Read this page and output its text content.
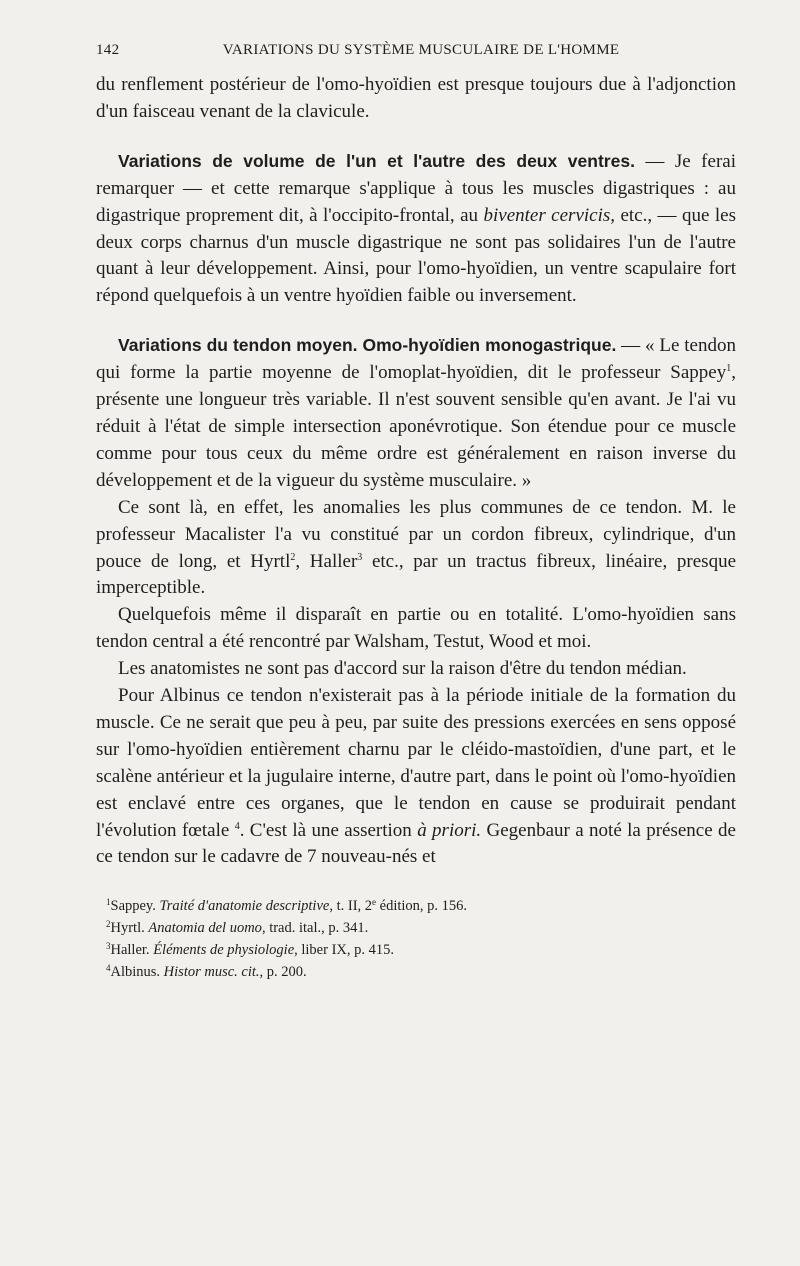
142	VARIATIONS DU SYSTÈME MUSCULAIRE DE L'HOMME

du renflement postérieur de l'omo-hyoïdien est presque toujours due à l'adjonction d'un faisceau venant de la clavicule.

Variations de volume de l'un et l'autre des deux ventres. — Je ferai remarquer — et cette remarque s'applique à tous les muscles digastriques : au digastrique proprement dit, à l'occipito-frontal, au biventer cervicis, etc., — que les deux corps charnus d'un muscle digastrique ne sont pas solidaires l'un de l'autre quant à leur développement. Ainsi, pour l'omo-hyoïdien, un ventre scapulaire fort répond quelquefois à un ventre hyoïdien faible ou inversement.

Variations du tendon moyen. Omo-hyoïdien monogastrique. — « Le tendon qui forme la partie moyenne de l'omoplat-hyoïdien, dit le professeur Sappey$^1$, présente une longueur très variable. Il n'est souvent sensible qu'en avant. Je l'ai vu réduit à l'état de simple intersection aponévrotique. Son étendue pour ce muscle comme pour tous ceux du même ordre est généralement en raison inverse du développement et de la vigueur du système musculaire. »

Ce sont là, en effet, les anomalies les plus communes de ce tendon. M. le professeur Macalister l'a vu constitué par un cordon fibreux, cylindrique, d'un pouce de long, et Hyrtl$^2$, Haller$^3$ etc., par un tractus fibreux, linéaire, presque imperceptible.

Quelquefois même il disparaît en partie ou en totalité. L'omo-hyoïdien sans tendon central a été rencontré par Walsham, Testut, Wood et moi.

Les anatomistes ne sont pas d'accord sur la raison d'être du tendon médian.

Pour Albinus ce tendon n'existerait pas à la période initiale de la formation du muscle. Ce ne serait que peu à peu, par suite des pressions exercées en sens opposé sur l'omo-hyoïdien entièrement charnu par le cléido-mastoïdien, d'une part, et le scalène antérieur et la jugulaire interne, d'autre part, dans le point où l'omo-hyoïdien est enclavé entre ces organes, que le tendon en cause se produirait pendant l'évolution fœtale $^4$. C'est là une assertion à priori. Gegenbaur a noté la présence de ce tendon sur le cadavre de 7 nouveau-nés et

$^1$Sappey. Traité d'anatomie descriptive, t. II, 2e édition, p. 156.
$^2$Hyrtl. Anatomia del uomo, trad. ital., p. 341.
$^3$Haller. Éléments de physiologie, liber IX, p. 415.
$^4$Albinus. Histor musc. cit., p. 200.
